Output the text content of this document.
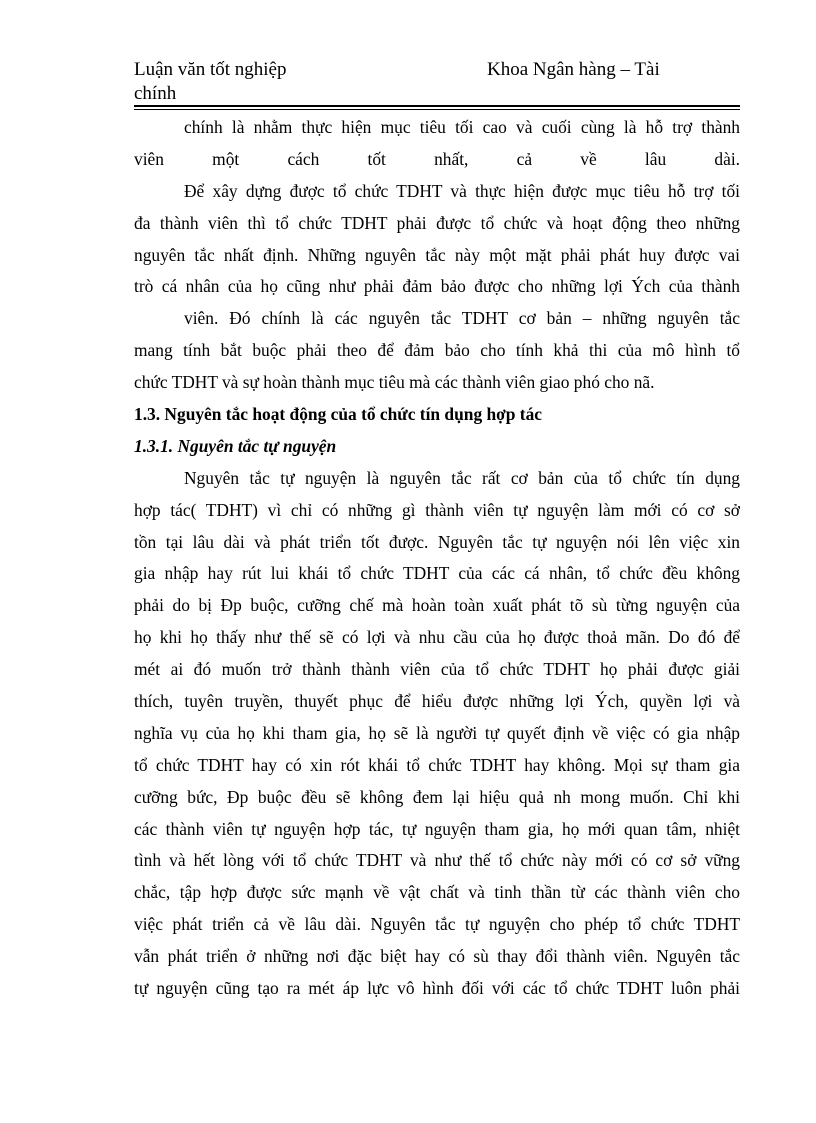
Luận văn tốt nghiệp
chính
Khoa Ngân hàng – Tài
chính là nhằm thực hiện mục tiêu tối cao và cuối cùng là hỗ trợ thành
viên một cách tốt nhất, cả về lâu dài.
Để xây dựng được tổ chức TDHT và thực hiện được mục tiêu hỗ trợ tối
đa thành viên thì tổ chức TDHT phải được tổ chức và hoạt động theo những
nguyên tắc nhất định. Những nguyên tắc này một mặt phải phát huy được vai
trò cá nhân của họ cũng như phải đảm bảo được cho những lợi Ých của thành
viên. Đó chính là các nguyên tắc TDHT cơ bản – những nguyên tắc
mang tính bắt buộc phải theo để đảm bảo cho tính khả thi của mô hình tổ
chức TDHT và sự hoàn thành mục tiêu mà các thành viên giao phó cho nã.
1.3. Nguyên tắc hoạt động của tổ chức tín dụng hợp tác
1.3.1. Nguyên tắc tự nguyện
Nguyên tắc tự nguyện là nguyên tắc rất cơ bản của tổ chức tín dụng
hợp tác( TDHT) vì chỉ có những gì thành viên tự nguyện làm mới có cơ sở
tồn tại lâu dài và phát triển tốt được. Nguyên tắc tự nguyện nói lên việc xin
gia nhập hay rút lui khái tổ chức TDHT của các cá nhân, tổ chức đều không
phải do bị Ðp buộc, cưỡng chế mà hoàn toàn xuất phát tõ sù từng nguyện của
họ khi họ thấy như thế sẽ có lợi và nhu cầu của họ được thoả mãn. Do đó để
mét ai đó muốn trở thành thành viên của tổ chức TDHT họ phải được giải
thích, tuyên truyền, thuyết phục để hiểu được những lợi Ých, quyền lợi và
nghĩa vụ của họ khi tham gia, họ sẽ là người tự quyết định về việc có gia nhập
tổ chức TDHT hay có xin rót khái tổ chức TDHT hay không. Mọi sự tham gia
cưỡng bức, Ðp buộc đều sẽ không đem lại hiệu quả nh mong muốn. Chỉ khi
các thành viên tự nguyện hợp tác, tự nguyện tham gia, họ mới quan tâm, nhiệt
tình và hết lòng với tổ chức TDHT và như thế tổ chức này mới có cơ sở vững
chắc, tập hợp được sức mạnh về vật chất và tinh thần từ các thành viên cho
việc phát triển cả về lâu dài. Nguyên tắc tự nguyện cho phép tổ chức TDHT
vẫn phát triển ở những nơi đặc biệt hay có sù thay đổi thành viên. Nguyên tắc
tự nguyện cũng tạo ra mét áp lực vô hình đối với các tổ chức TDHT luôn phải
